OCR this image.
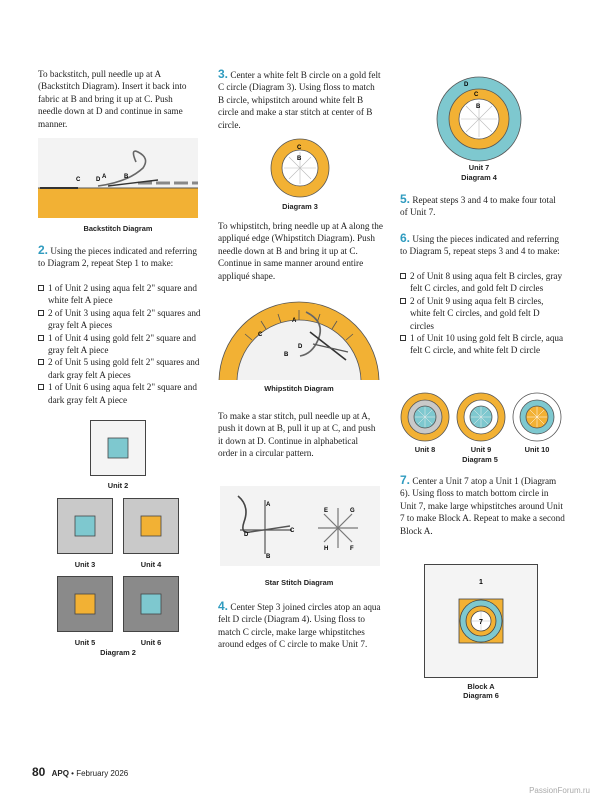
To backstitch, pull needle up at A (Backstitch Diagram). Insert it back into fabric at B and bring it up at C. Push needle down at D and continue in same manner.
C	D A	B
Backstitch Diagram
2. Using the pieces indicated and referring to Diagram 2, repeat Step 1 to make:
1 of Unit 2 using aqua felt 2" square and white felt A piece
2 of Unit 3 using aqua felt 2" squares and gray felt A pieces
1 of Unit 4 using gold felt 2" square and gray felt A piece
2 of Unit 5 using gold felt 2" squares and dark gray felt A pieces
1 of Unit 6 using aqua felt 2" square and dark gray felt A piece
Unit 2
Unit 3	Unit 4
Unit 5	Unit 6
Diagram 2
3. Center a white felt B circle on a gold felt C circle (Diagram 3). Using floss to match B circle, whipstitch around white felt B circle and make a star stitch at center of B circle.
C
B
Diagram 3
To whipstitch, bring needle up at A along the appliqué edge (Whipstitch Diagram). Push needle down at B and bring it up at C. Continue in same manner around entire appliqué shape.
C
A
D
B
Whipstitch Diagram
To make a star stitch, pull needle up at A, push it down at B, pull it up at C, and push it down at D. Continue in alphabetical order in a circular pattern.
A
D
C
B
E	G
H	F
Star Stitch Diagram
4. Center Step 3 joined circles atop an aqua felt D circle (Diagram 4). Using floss to match C circle, make large whipstitches around edges of C circle to make Unit 7.
D
C
B
Unit 7
Diagram 4
5. Repeat steps 3 and 4 to make four total of Unit 7.
6. Using the pieces indicated and referring to Diagram 5, repeat steps 3 and 4 to make:
2 of Unit 8 using aqua felt B circles, gray felt C circles, and gold felt D circles
2 of Unit 9 using aqua felt B circles, white felt C circles, and gold felt D circles
1 of Unit 10 using gold felt B circle, aqua felt C circle, and white felt D circle
Unit 8	Unit 9	Unit 10
Diagram 5
7. Center a Unit 7 atop a Unit 1 (Diagram 6). Using floss to match bottom circle in Unit 7, make large whipstitches around Unit 7 to make Block A. Repeat to make a second Block A.
1
7
Block A
Diagram 6
80 APQ • February 2026
PassionForum.ru
